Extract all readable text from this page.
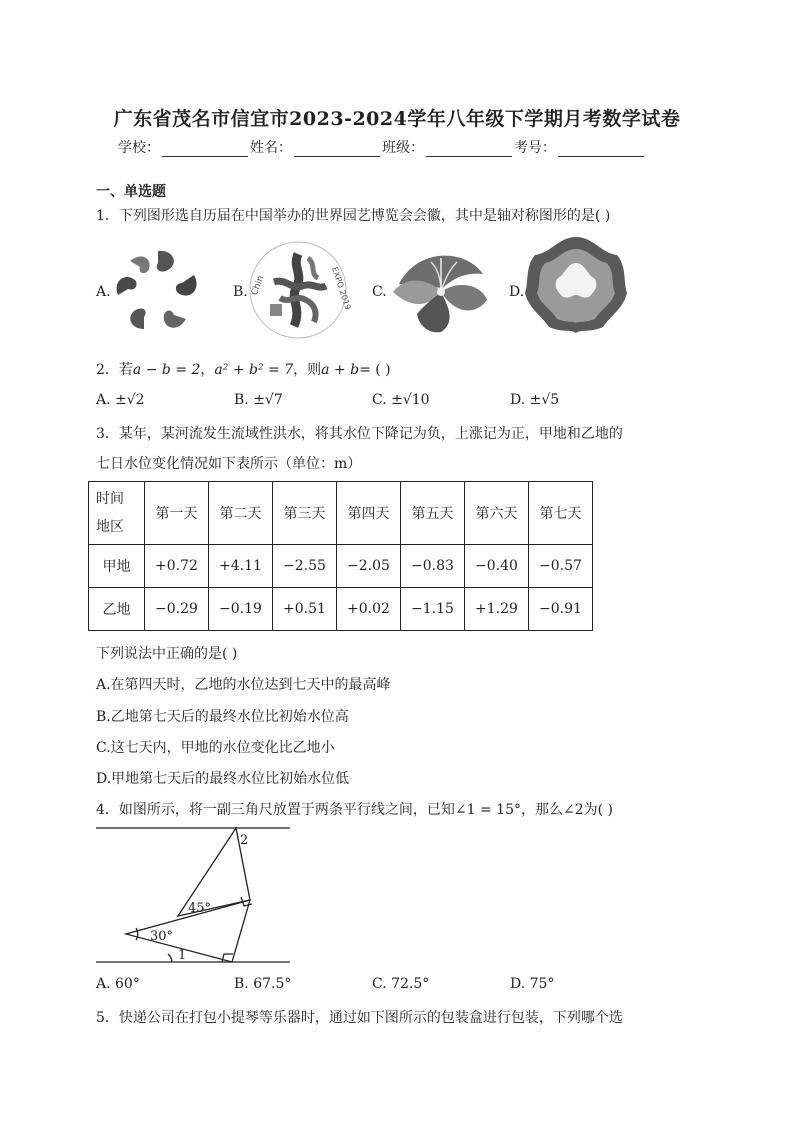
广东省茂名市信宜市2023-2024学年八年级下学期月考数学试卷
学校：	姓名：	班级：	考号：
一、单选题
1．下列图形选自历届在中国举办的世界园艺博览会会徽，其中是轴对称图形的是( )
A.	B. Chin	EXPO 2019 C.	D.
2．若a − b = 2，a² + b² = 7，则a + b= ( )
A. ±√2	B. ±√7	C. ±√10	D. ±√5
3．某年，某河流发生流域性洪水，将其水位下降记为负，上涨记为正，甲地和乙地的
七日水位变化情况如下表所示（单位：m）
时间
地区	第一天	第二天	第三天	第四天	第五天	第六天	第七天
甲地	+0.72	+4.11	−2.55	−2.05	−0.83	−0.40	−0.57
乙地	−0.29	−0.19	+0.51	+0.02	−1.15	+1.29	−0.91
下列说法中正确的是( )
A.在第四天时，乙地的水位达到七天中的最高峰
B.乙地第七天后的最终水位比初始水位高
C.这七天内，甲地的水位变化比乙地小
D.甲地第七天后的最终水位比初始水位低
4．如图所示，将一副三角尺放置于两条平行线之间，已知∠1 = 15°，那么∠2为( )
2
45°
30°
1
A. 60°	B. 67.5°	C. 72.5°	D. 75°
5．快递公司在打包小提琴等乐器时，通过如下图所示的包装盒进行包装，下列哪个选
